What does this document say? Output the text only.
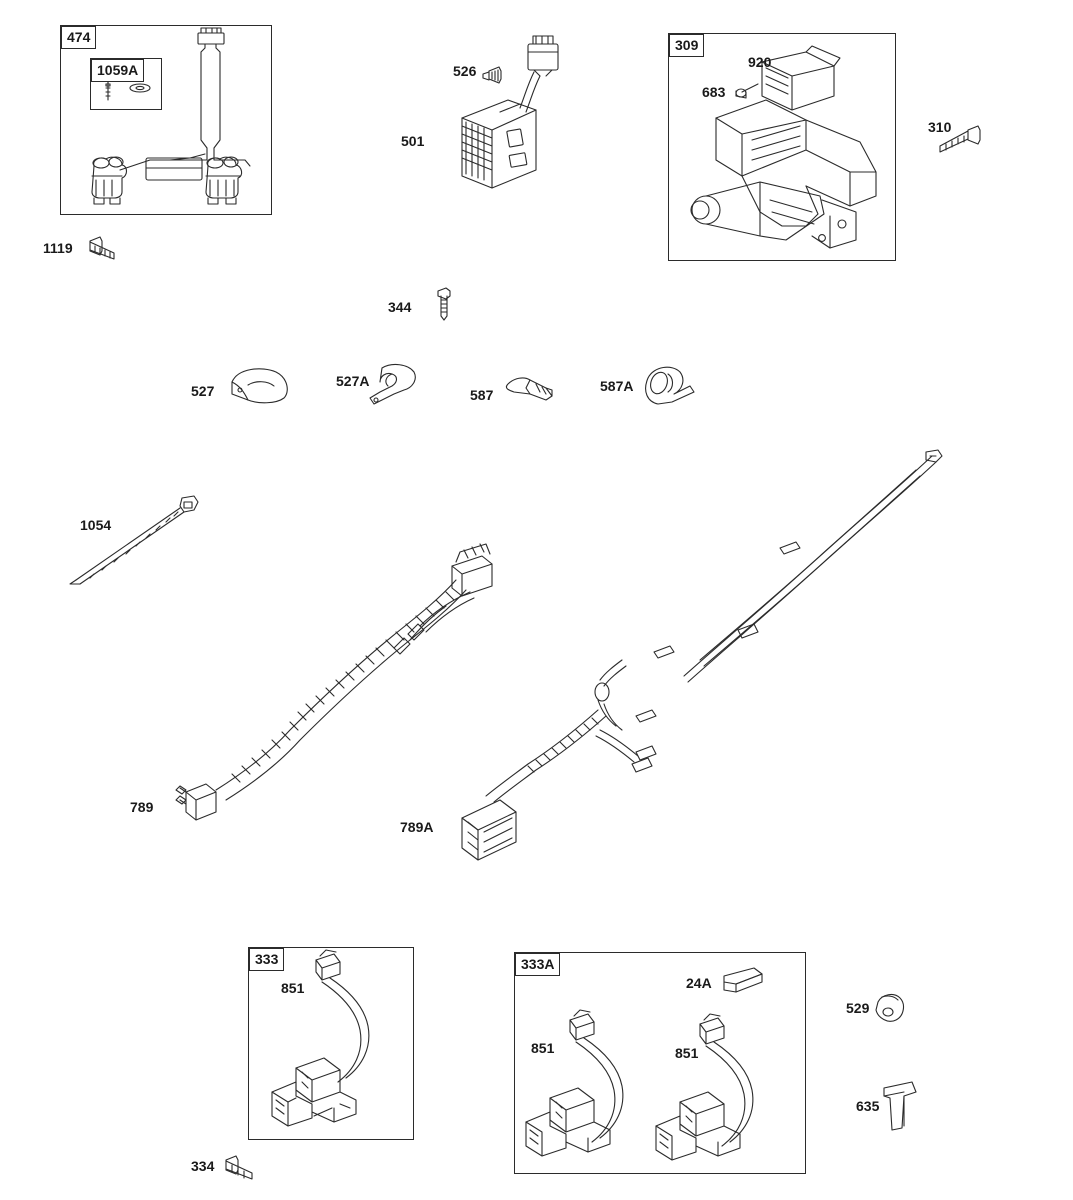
474
1059A
309
333	333A
526
920
683
501
310
1119
344
527
527A
587
587A
1054
789
789A
851	24A
529
851	851
635
334
